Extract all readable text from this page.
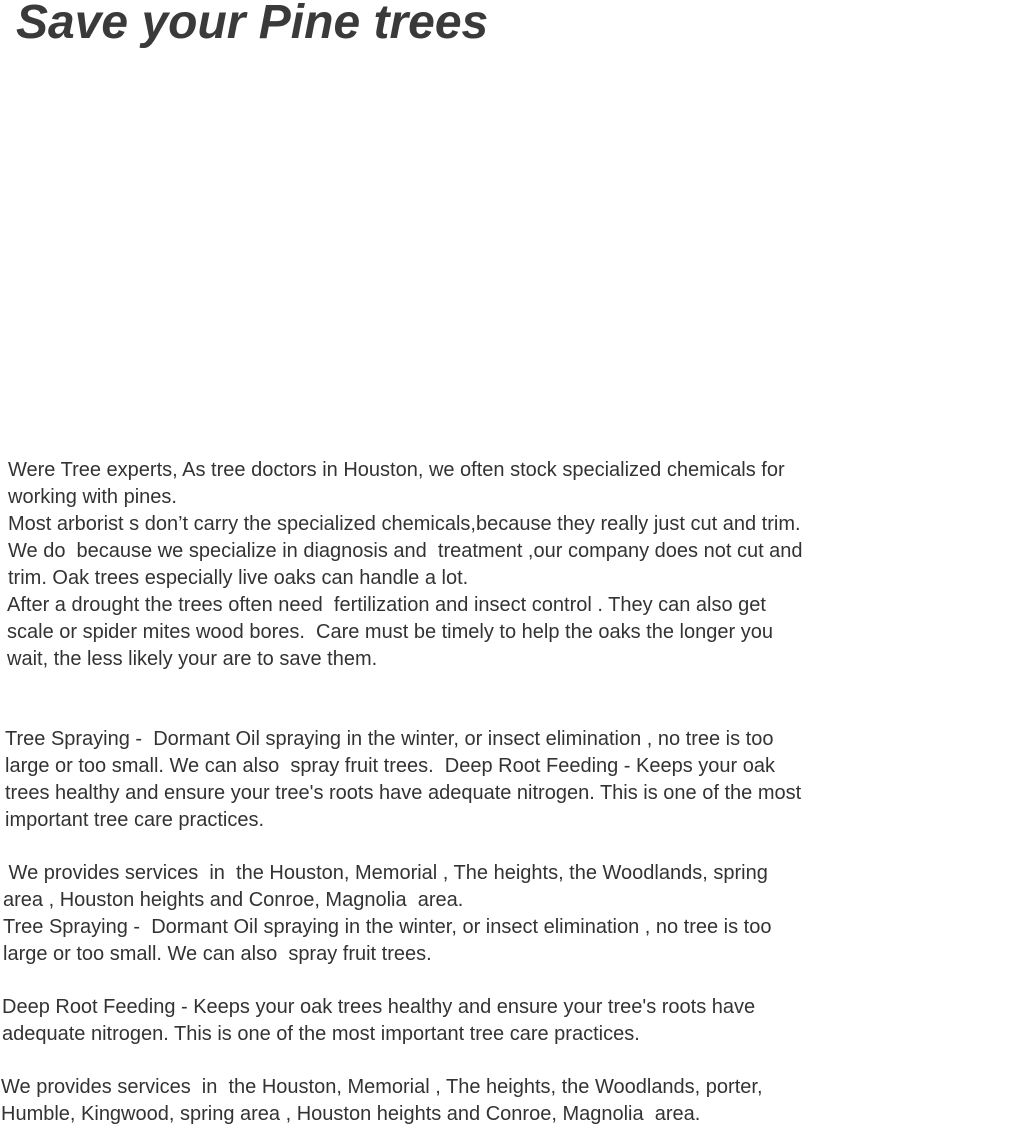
Save your Pine trees
Were Tree experts, As tree doctors in Houston, we often stock specialized chemicals for
working with pines.
Most arborist s don’t carry the specialized chemicals,because they really just cut and trim.
We do  because we specialize in diagnosis and  treatment ,our company does not cut and
trim. Oak trees especially live oaks can handle a lot.
After a drought the trees often need  fertilization and insect control . They can also get
scale or spider mites wood bores.  Care must be timely to help the oaks the longer you
wait, the less likely your are to save them.
Tree Spraying -  Dormant Oil spraying in the winter, or insect elimination , no tree is too
large or too small. We can also  spray fruit trees.  Deep Root Feeding - Keeps your oak
trees healthy and ensure your tree's roots have adequate nitrogen. This is one of the most
important tree care practices.
We provides services  in  the Houston, Memorial , The heights, the Woodlands, spring
area , Houston heights and Conroe, Magnolia  area.
Tree Spraying -  Dormant Oil spraying in the winter, or insect elimination , no tree is too
large or too small. We can also  spray fruit trees.
Deep Root Feeding - Keeps your oak trees healthy and ensure your tree's roots have
adequate nitrogen. This is one of the most important tree care practices.
We provides services  in  the Houston, Memorial , The heights, the Woodlands, porter,
Humble, Kingwood, spring area , Houston heights and Conroe, Magnolia  area.
